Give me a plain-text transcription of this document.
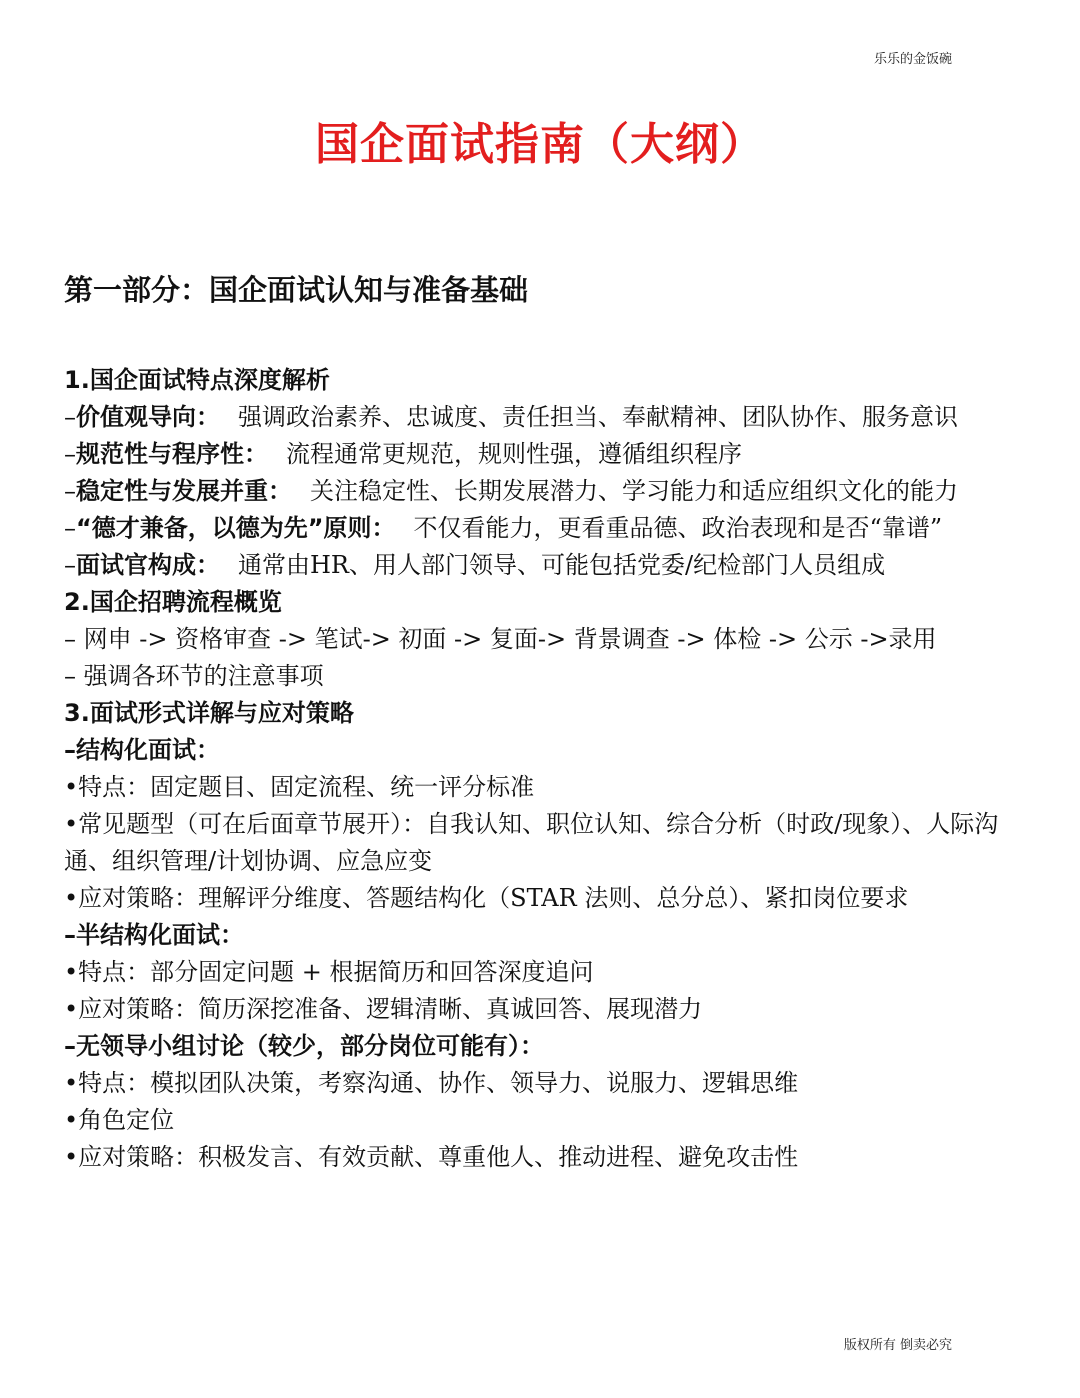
乐乐的金饭碗
国企面试指南（大纲）
第一部分：国企面试认知与准备基础

1.国企面试特点深度解析

–价值观导向： 强调政治素养、忠诚度、责任担当、奉献精神、团队协作、服务意识

–规范性与程序性： 流程通常更规范，规则性强，遵循组织程序

–稳定性与发展并重： 关注稳定性、长期发展潜力、学习能力和适应组织文化的能力

–“德才兼备，以德为先”原则： 不仅看能力，更看重品德、政治表现和是否“靠谱”

–面试官构成： 通常由HR、用人部门领导、可能包括党委/纪检部门人员组成

2.国企招聘流程概览

– 网申 -> 资格审查 -> 笔试-> 初面 -> 复面-> 背景调查 -> 体检 -> 公示 ->录用

– 强调各环节的注意事项

3.面试形式详解与应对策略

–结构化面试：

•特点：固定题目、固定流程、统一评分标准

•常见题型（可在后面章节展开）：自我认知、职位认知、综合分析（时政/现象）、人际沟通、组织管理/计划协调、应急应变

•应对策略：理解评分维度、答题结构化（STAR 法则、总分总）、紧扣岗位要求

–半结构化面试：

•特点：部分固定问题 + 根据简历和回答深度追问

•应对策略：简历深挖准备、逻辑清晰、真诚回答、展现潜力

–无领导小组讨论（较少，部分岗位可能有）：

•特点：模拟团队决策，考察沟通、协作、领导力、说服力、逻辑思维

•角色定位

•应对策略：积极发言、有效贡献、尊重他人、推动进程、避免攻击性

版权所有 倒卖必究
